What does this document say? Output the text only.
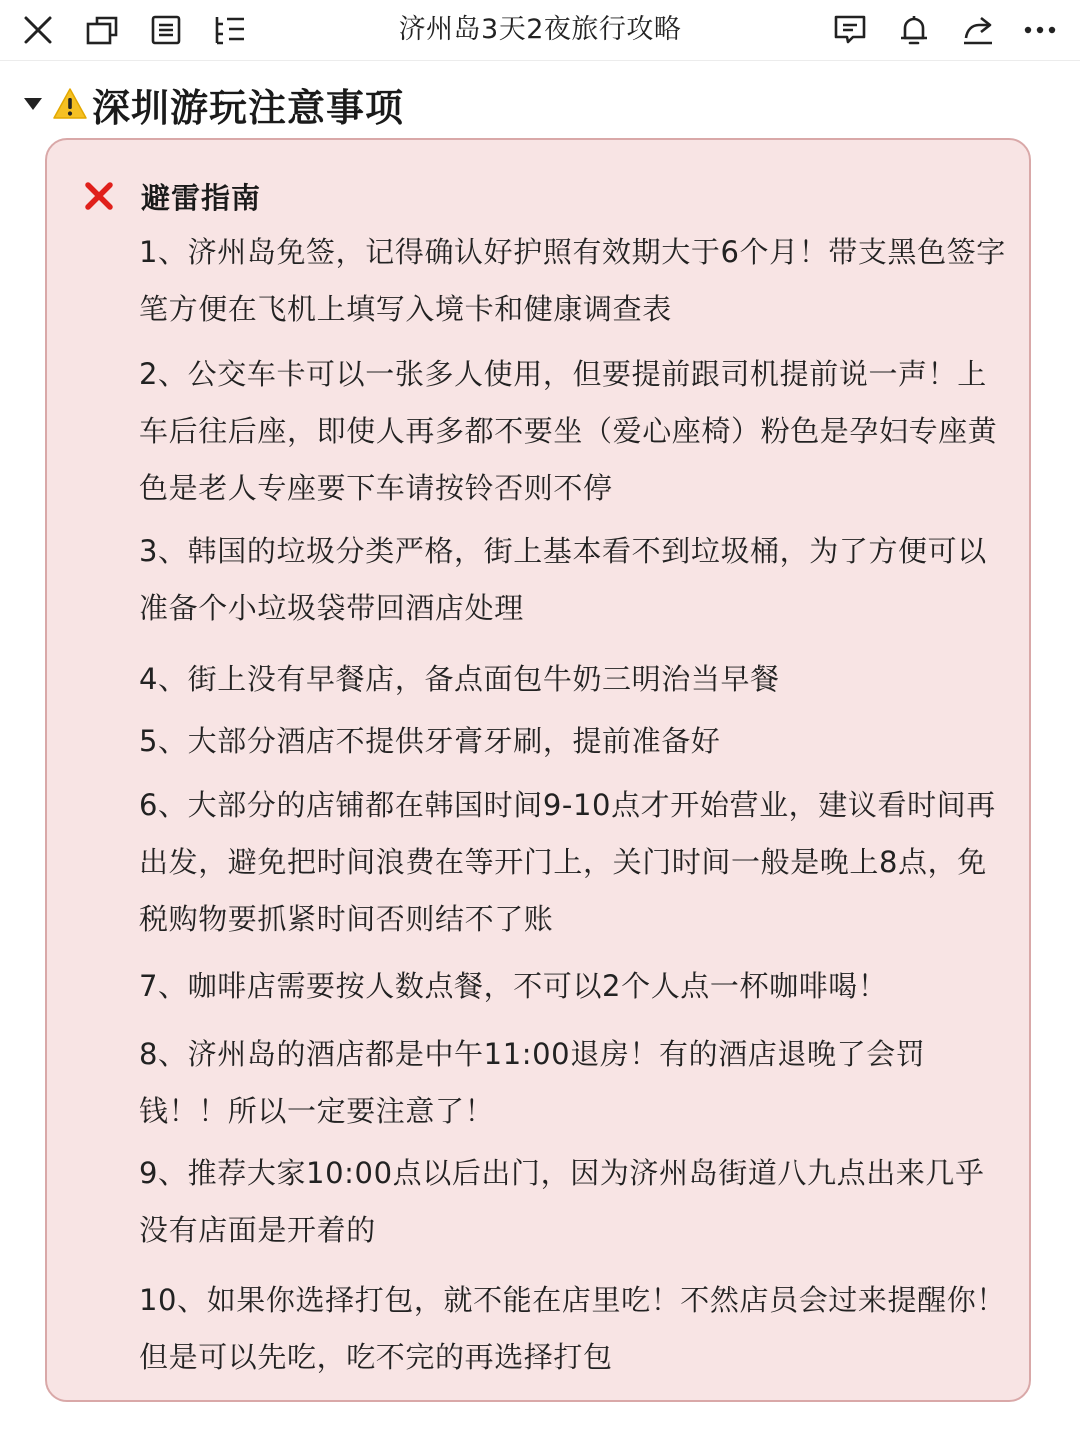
济州岛3天2夜旅行攻略
深圳游玩注意事项
避雷指南

1、济州岛免签，记得确认好护照有效期大于6个月！带支黑色签字笔方便在飞机上填写入境卡和健康调查表

2、公交车卡可以一张多人使用，但要提前跟司机提前说一声！上车后往后座，即使人再多都不要坐（爱心座椅）粉色是孕妇专座黄色是老人专座要下车请按铃否则不停

3、韩国的垃圾分类严格，街上基本看不到垃圾桶，为了方便可以准备个小垃圾袋带回酒店处理

4、街上没有早餐店，备点面包牛奶三明治当早餐

5、大部分酒店不提供牙膏牙刷，提前准备好

6、大部分的店铺都在韩国时间9-10点才开始营业，建议看时间再出发，避免把时间浪费在等开门上，关门时间一般是晚上8点，免税购物要抓紧时间否则结不了账

7、咖啡店需要按人数点餐，不可以2个人点一杯咖啡喝！

8、济州岛的酒店都是中午11:00退房！有的酒店退晚了会罚钱！！所以一定要注意了！

9、推荐大家10:00点以后出门，因为济州岛街道八九点出来几乎没有店面是开着的

10、如果你选择打包，就不能在店里吃！不然店员会过来提醒你！但是可以先吃，吃不完的再选择打包
